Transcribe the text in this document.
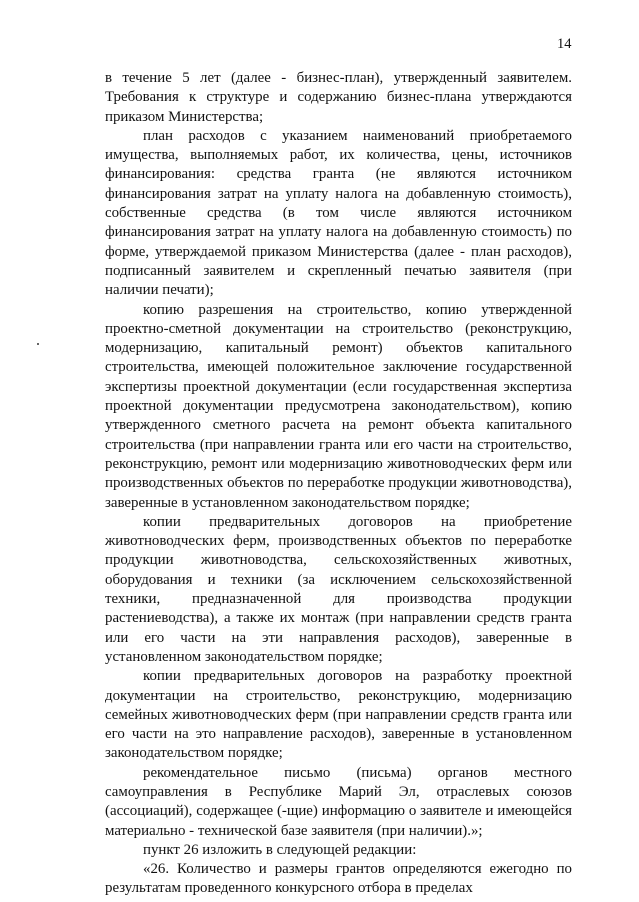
14

в течение 5 лет (далее - бизнес-план), утвержденный заявителем. Требования к структуре и содержанию бизнес-плана утверждаются приказом Министерства;

план расходов с указанием наименований приобретаемого имущества, выполняемых работ, их количества, цены, источников финансирования: средства гранта (не являются источником финансирования затрат на уплату налога на добавленную стоимость), собственные средства (в том числе являются источником финансирования затрат на уплату налога на добавленную стоимость) по форме, утверждаемой приказом Министерства (далее - план расходов), подписанный заявителем и скрепленный печатью заявителя (при наличии печати);

копию разрешения на строительство, копию утвержденной проектно-сметной документации на строительство (реконструкцию, модернизацию, капитальный ремонт) объектов капитального строительства, имеющей положительное заключение государственной экспертизы проектной документации (если государственная экспертиза проектной документации предусмотрена законодательством), копию утвержденного сметного расчета на ремонт объекта капитального строительства (при направлении гранта или его части на строительство, реконструкцию, ремонт или модернизацию животноводческих ферм или производственных объектов по переработке продукции животноводства), заверенные в установленном законодательством порядке;

копии предварительных договоров на приобретение животноводческих ферм, производственных объектов по переработке продукции животноводства, сельскохозяйственных животных, оборудования и техники (за исключением сельскохозяйственной техники, предназначенной для производства продукции растениеводства), а также их монтаж (при направлении средств гранта или его части на эти направления расходов), заверенные в установленном законодательством порядке;

копии предварительных договоров на разработку проектной документации на строительство, реконструкцию, модернизацию семейных животноводческих ферм (при направлении средств гранта или его части на это направление расходов), заверенные в установленном законодательством порядке;

рекомендательное письмо (письма) органов местного самоуправления в Республике Марий Эл, отраслевых союзов (ассоциаций), содержащее (-щие) информацию о заявителе и имеющейся материально - технической базе заявителя (при наличии).»;

пункт 26 изложить в следующей редакции:

«26. Количество и размеры грантов определяются ежегодно по результатам проведенного конкурсного отбора в пределах
